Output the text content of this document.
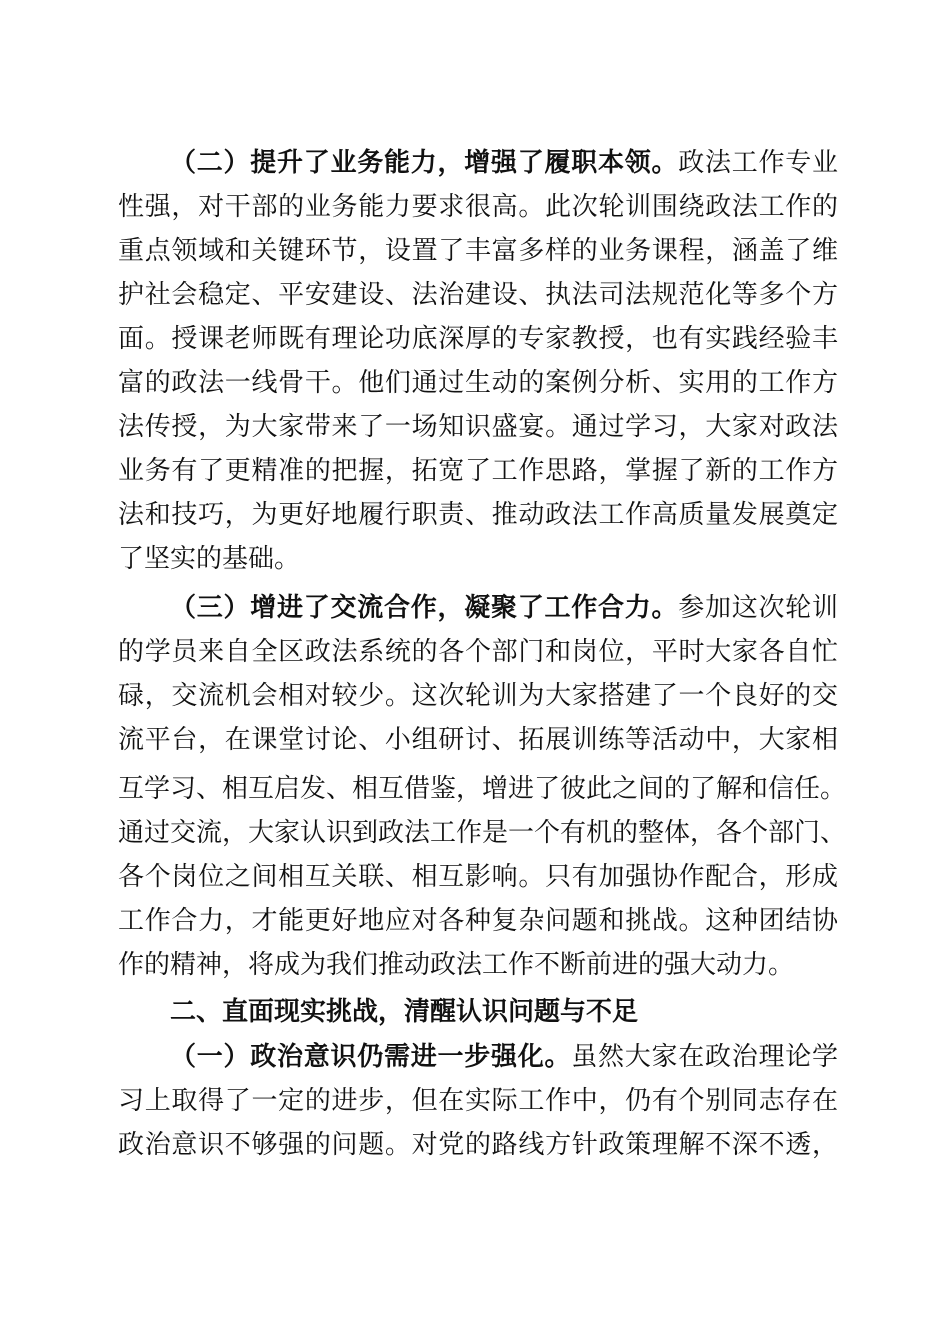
（二）提升了业务能力，增强了履职本领。政法工作专业
性强，对干部的业务能力要求很高。此次轮训围绕政法工作的
重点领域和关键环节，设置了丰富多样的业务课程，涵盖了维
护社会稳定、平安建设、法治建设、执法司法规范化等多个方
面。授课老师既有理论功底深厚的专家教授，也有实践经验丰
富的政法一线骨干。他们通过生动的案例分析、实用的工作方
法传授，为大家带来了一场知识盛宴。通过学习，大家对政法
业务有了更精准的把握，拓宽了工作思路，掌握了新的工作方
法和技巧，为更好地履行职责、推动政法工作高质量发展奠定
了坚实的基础。
（三）增进了交流合作，凝聚了工作合力。参加这次轮训
的学员来自全区政法系统的各个部门和岗位，平时大家各自忙
碌，交流机会相对较少。这次轮训为大家搭建了一个良好的交
流平台，在课堂讨论、小组研讨、拓展训练等活动中，大家相
互学习、相互启发、相互借鉴，增进了彼此之间的了解和信任。
通过交流，大家认识到政法工作是一个有机的整体，各个部门、
各个岗位之间相互关联、相互影响。只有加强协作配合，形成
工作合力，才能更好地应对各种复杂问题和挑战。这种团结协
作的精神，将成为我们推动政法工作不断前进的强大动力。
二、直面现实挑战，清醒认识问题与不足
（一）政治意识仍需进一步强化。虽然大家在政治理论学
习上取得了一定的进步，但在实际工作中，仍有个别同志存在
政治意识不够强的问题。对党的路线方针政策理解不深不透，
